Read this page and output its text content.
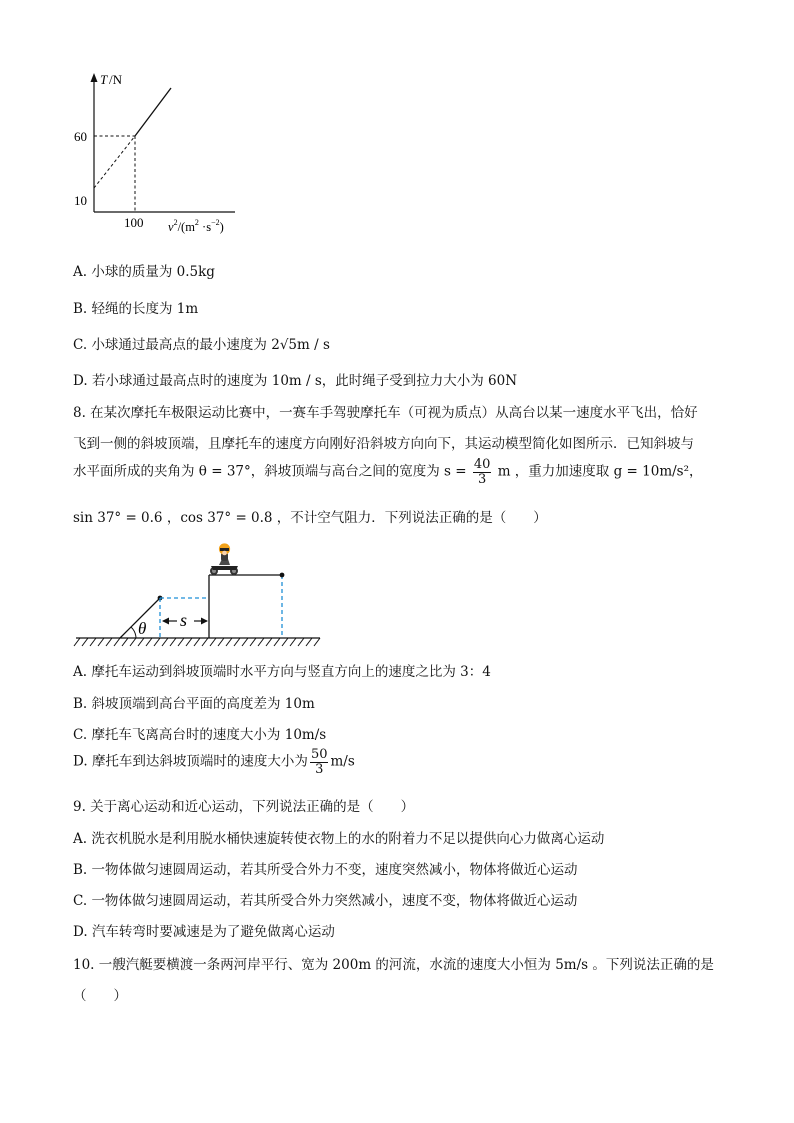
T /N
60
10
100 $v^2/(m^2 \cdot s^{-2})$
A. 小球的质量为 0.5kg
B. 轻绳的长度为 1m
C. 小球通过最高点的最小速度为 2√5m / s
D. 若小球通过最高点时的速度为 10m / s，此时绳子受到拉力大小为 60N
8. 在某次摩托车极限运动比赛中，一赛车手驾驶摩托车（可视为质点）从高台以某一速度水平飞出，恰好
飞到一侧的斜坡顶端，且摩托车的速度方向刚好沿斜坡方向向下，其运动模型简化如图所示．已知斜坡与
水平面所成的夹角为 θ = 37°，斜坡顶端与高台之间的宽度为 $s = \frac{40}{3}$ m ，重力加速度取 g = 10m/s²，
sin 37° = 0.6 ，cos 37° = 0.8 ，不计空气阻力．下列说法正确的是（　　）
θ s
A. 摩托车运动到斜坡顶端时水平方向与竖直方向上的速度之比为 3：4
B. 斜坡顶端到高台平面的高度差为 10m
C. 摩托车飞离高台时的速度大小为 10m/s
D. 摩托车到达斜坡顶端时的速度大小为 $\frac{50}{3} m/s$
9. 关于离心运动和近心运动，下列说法正确的是（　　）
A. 洗衣机脱水是利用脱水桶快速旋转使衣物上的水的附着力不足以提供向心力做离心运动
B. 一物体做匀速圆周运动，若其所受合外力不变，速度突然减小，物体将做近心运动
C. 一物体做匀速圆周运动，若其所受合外力突然减小，速度不变，物体将做近心运动
D. 汽车转弯时要减速是为了避免做离心运动
10. 一艘汽艇要横渡一条两河岸平行、宽为 200m 的河流，水流的速度大小恒为 5m/s 。下列说法正确的是
（　　）
